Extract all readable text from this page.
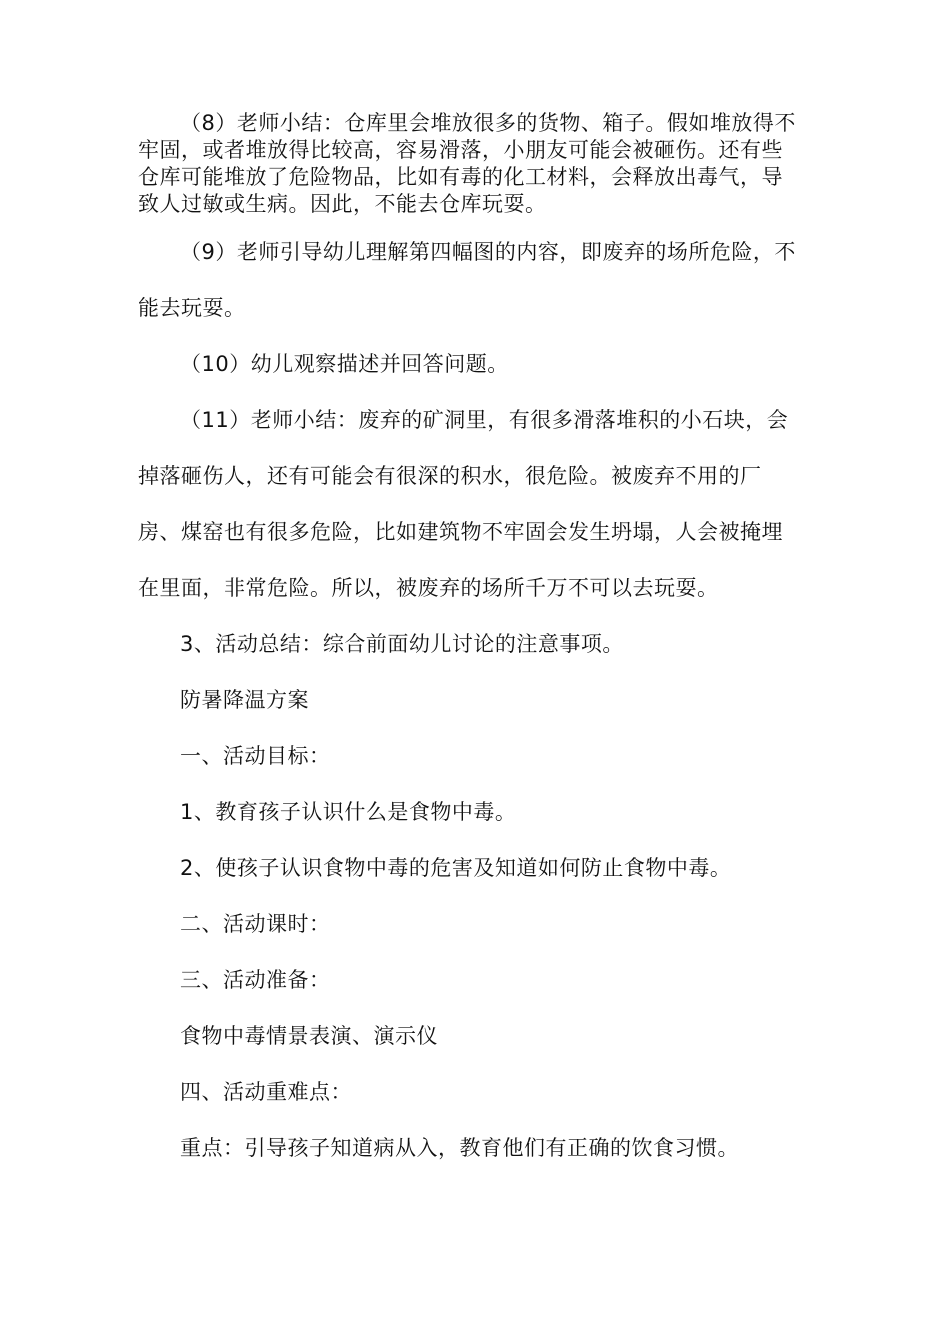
（8）老师小结：仓库里会堆放很多的货物、箱子。假如堆放得不

牢固，或者堆放得比较高，容易滑落，小朋友可能会被砸伤。还有些

仓库可能堆放了危险物品，比如有毒的化工材料，会释放出毒气，导

致人过敏或生病。因此，不能去仓库玩耍。

（9）老师引导幼儿理解第四幅图的内容，即废弃的场所危险，不

能去玩耍。

（10）幼儿观察描述并回答问题。

（11）老师小结：废弃的矿洞里，有很多滑落堆积的小石块，会

掉落砸伤人，还有可能会有很深的积水，很危险。被废弃不用的厂

房、煤窑也有很多危险，比如建筑物不牢固会发生坍塌，人会被掩埋

在里面，非常危险。所以，被废弃的场所千万不可以去玩耍。

3、活动总结：综合前面幼儿讨论的注意事项。

防暑降温方案

一、活动目标：

1、教育孩子认识什么是食物中毒。

2、使孩子认识食物中毒的危害及知道如何防止食物中毒。

二、活动课时：

三、活动准备：

食物中毒情景表演、演示仪

四、活动重难点：

重点：引导孩子知道病从入，教育他们有正确的饮食习惯。
